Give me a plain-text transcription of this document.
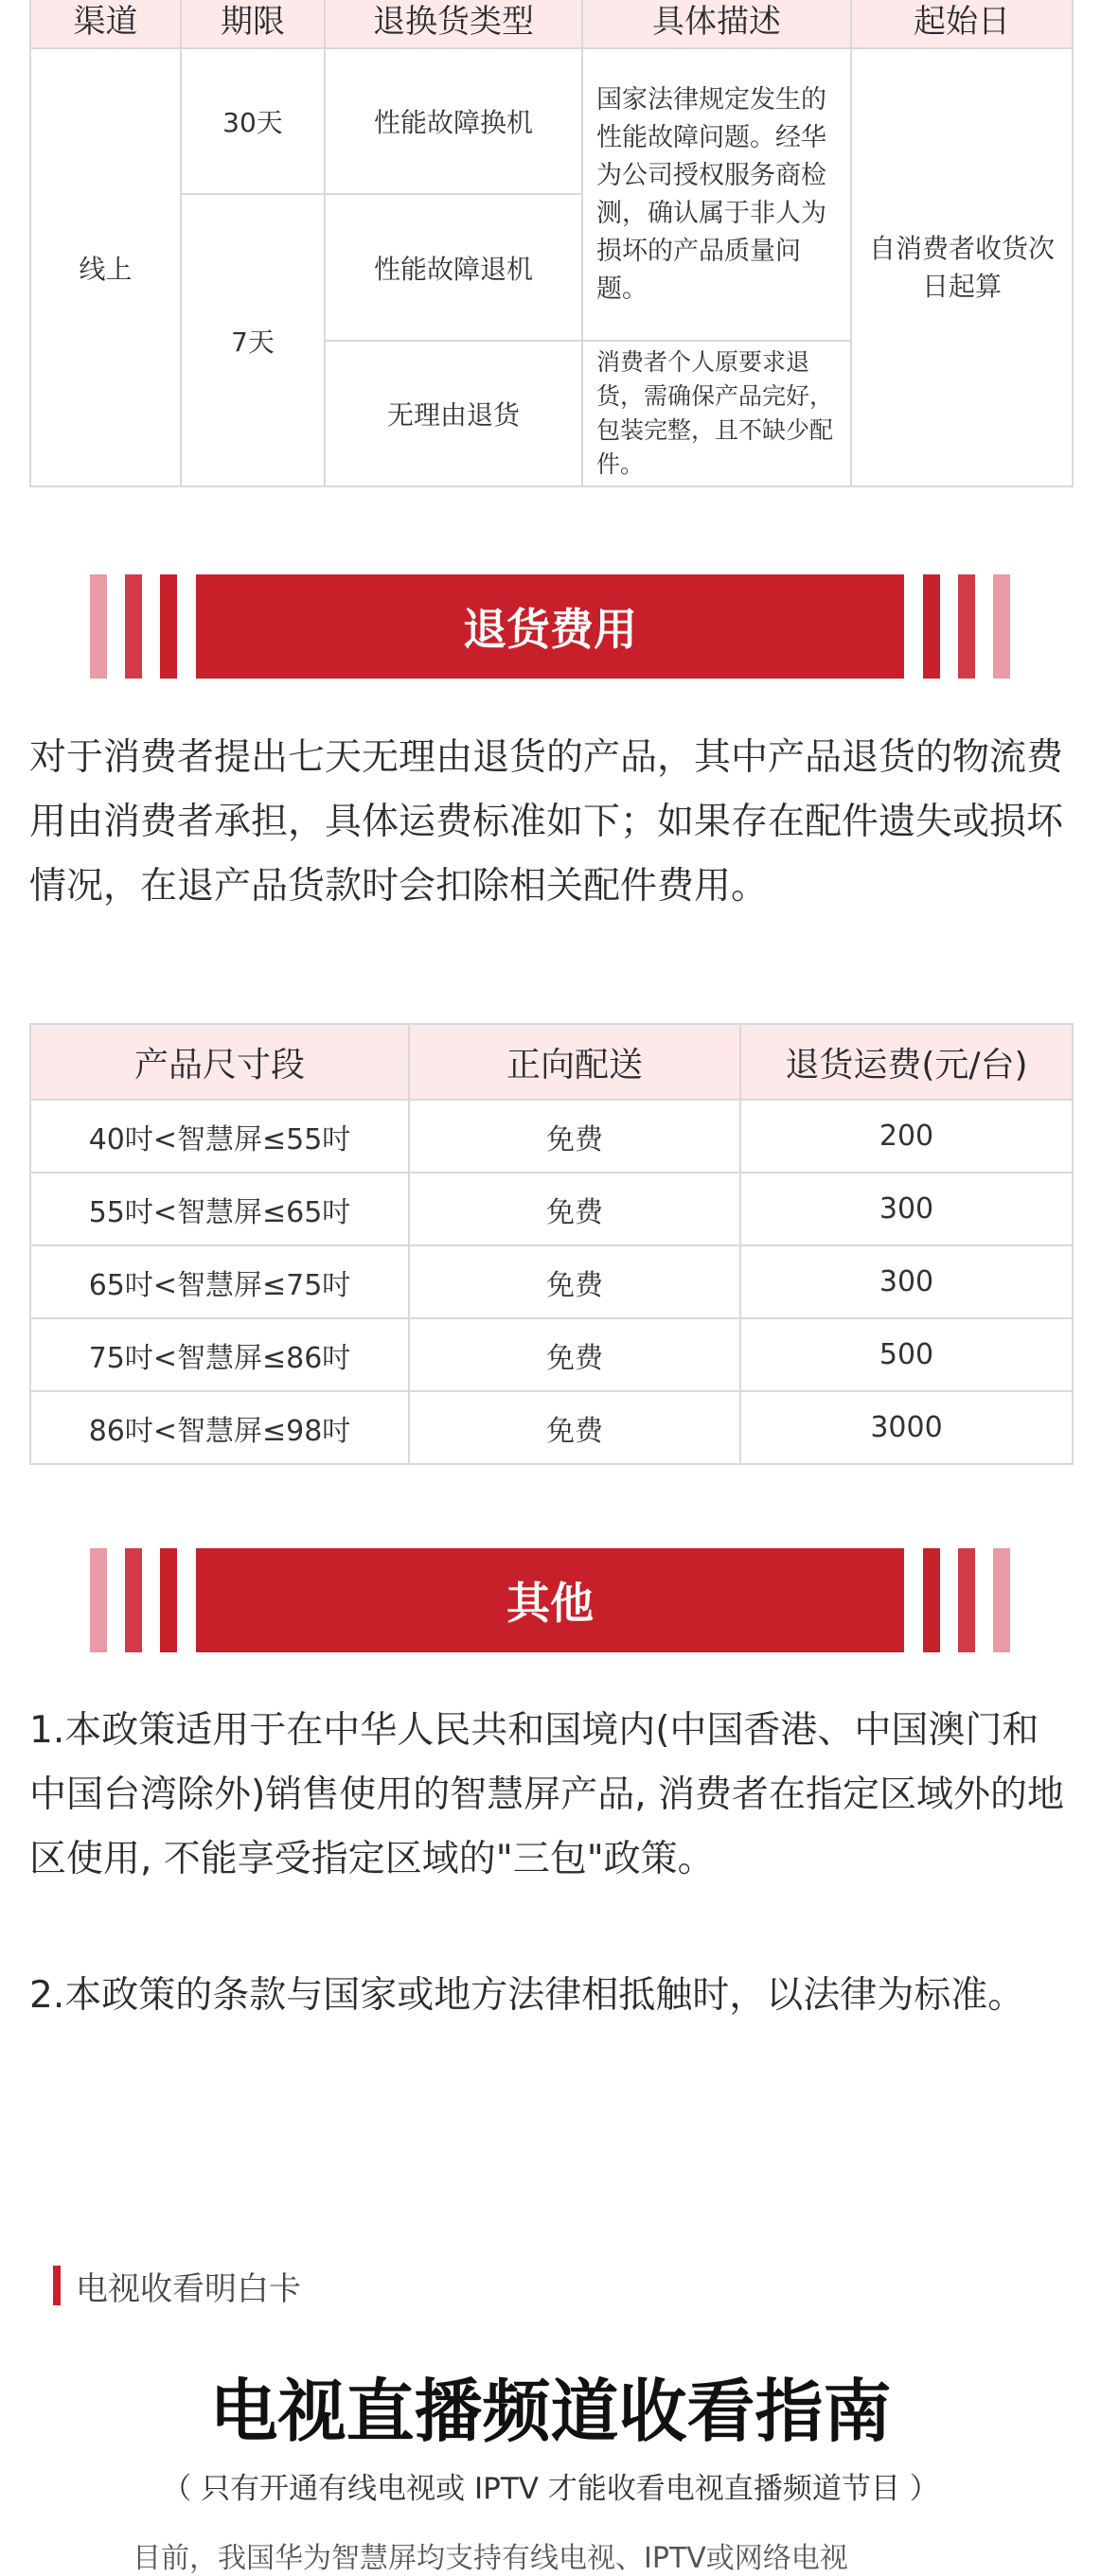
渠道	期限	退换货类型	具体描述	起始日
线上	30天	性能故障换机	国家法律规定发生的性能故障问题。经华为公司授权服务商检测，确认属于非人为损坏的产品质量问题。	自消费者收货次日起算
	7天	性能故障退机		
		无理由退货	消费者个人原要求退货，需确保产品完好，包装完整，且不缺少配件。	
退货费用

对于消费者提出七天无理由退货的产品，其中产品退货的物流费用由消费者承担，具体运费标准如下；如果存在配件遗失或损坏情况，在退产品货款时会扣除相关配件费用。

产品尺寸段	正向配送	退货运费(元/台)
40吋<智慧屏≤55吋	免费	200
55吋<智慧屏≤65吋	免费	300
65吋<智慧屏≤75吋	免费	300
75吋<智慧屏≤86吋	免费	500
86吋<智慧屏≤98吋	免费	3000
其他

1.本政策适用于在中华人民共和国境内(中国香港、中国澳门和中国台湾除外)销售使用的智慧屏产品, 消费者在指定区域外的地区使用, 不能享受指定区域的"三包"政策。

2.本政策的条款与国家或地方法律相抵触时，以法律为标准。

电视收看明白卡
电视直播频道收看指南
（ 只有开通有线电视或 IPTV 才能收看电视直播频道节目 ）
目前，我国华为智慧屏均支持有线电视、IPTV或网络电视
